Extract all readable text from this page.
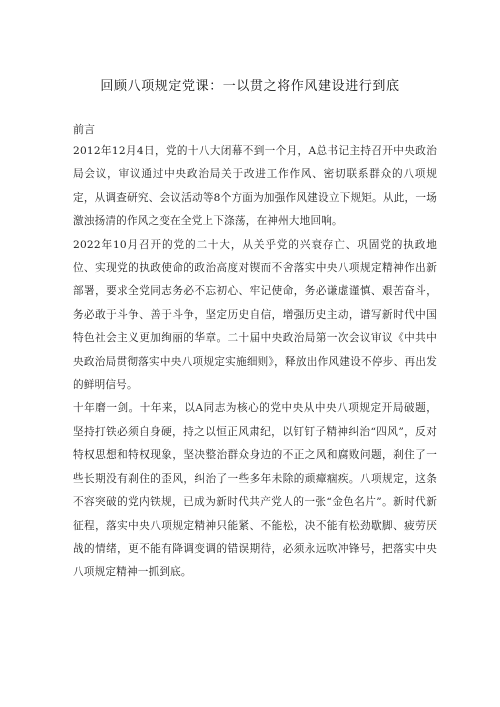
回顾八项规定党课：一以贯之将作风建设进行到底

前言

2012年12月4日，党的十八大闭幕不到一个月，A总书记主持召开中央政治局会议，审议通过中央政治局关于改进工作作风、密切联系群众的八项规定，从调查研究、会议活动等8个方面为加强作风建设立下规矩。从此，一场激浊扬清的作风之变在全党上下涤荡，在神州大地回响。

2022年10月召开的党的二十大，从关乎党的兴衰存亡、巩固党的执政地位、实现党的执政使命的政治高度对锲而不舍落实中央八项规定精神作出新部署，要求全党同志务必不忘初心、牢记使命，务必谦虚谨慎、艰苦奋斗，务必敢于斗争、善于斗争，坚定历史自信，增强历史主动，谱写新时代中国特色社会主义更加绚丽的华章。二十届中央政治局第一次会议审议《中共中央政治局贯彻落实中央八项规定实施细则》，释放出作风建设不停步、再出发的鲜明信号。

十年磨一剑。十年来，以A同志为核心的党中央从中央八项规定开局破题，坚持打铁必须自身硬，持之以恒正风肃纪，以钉钉子精神纠治“四风”，反对特权思想和特权现象，坚决整治群众身边的不正之风和腐败问题，刹住了一些长期没有刹住的歪风，纠治了一些多年未除的顽瘴痼疾。八项规定，这条不容突破的党内铁规，已成为新时代共产党人的一张“金色名片”。新时代新征程，落实中央八项规定精神只能紧、不能松，决不能有松劲歇脚、疲劳厌战的情绪，更不能有降调变调的错误期待，必须永远吹冲锋号，把落实中央八项规定精神一抓到底。
